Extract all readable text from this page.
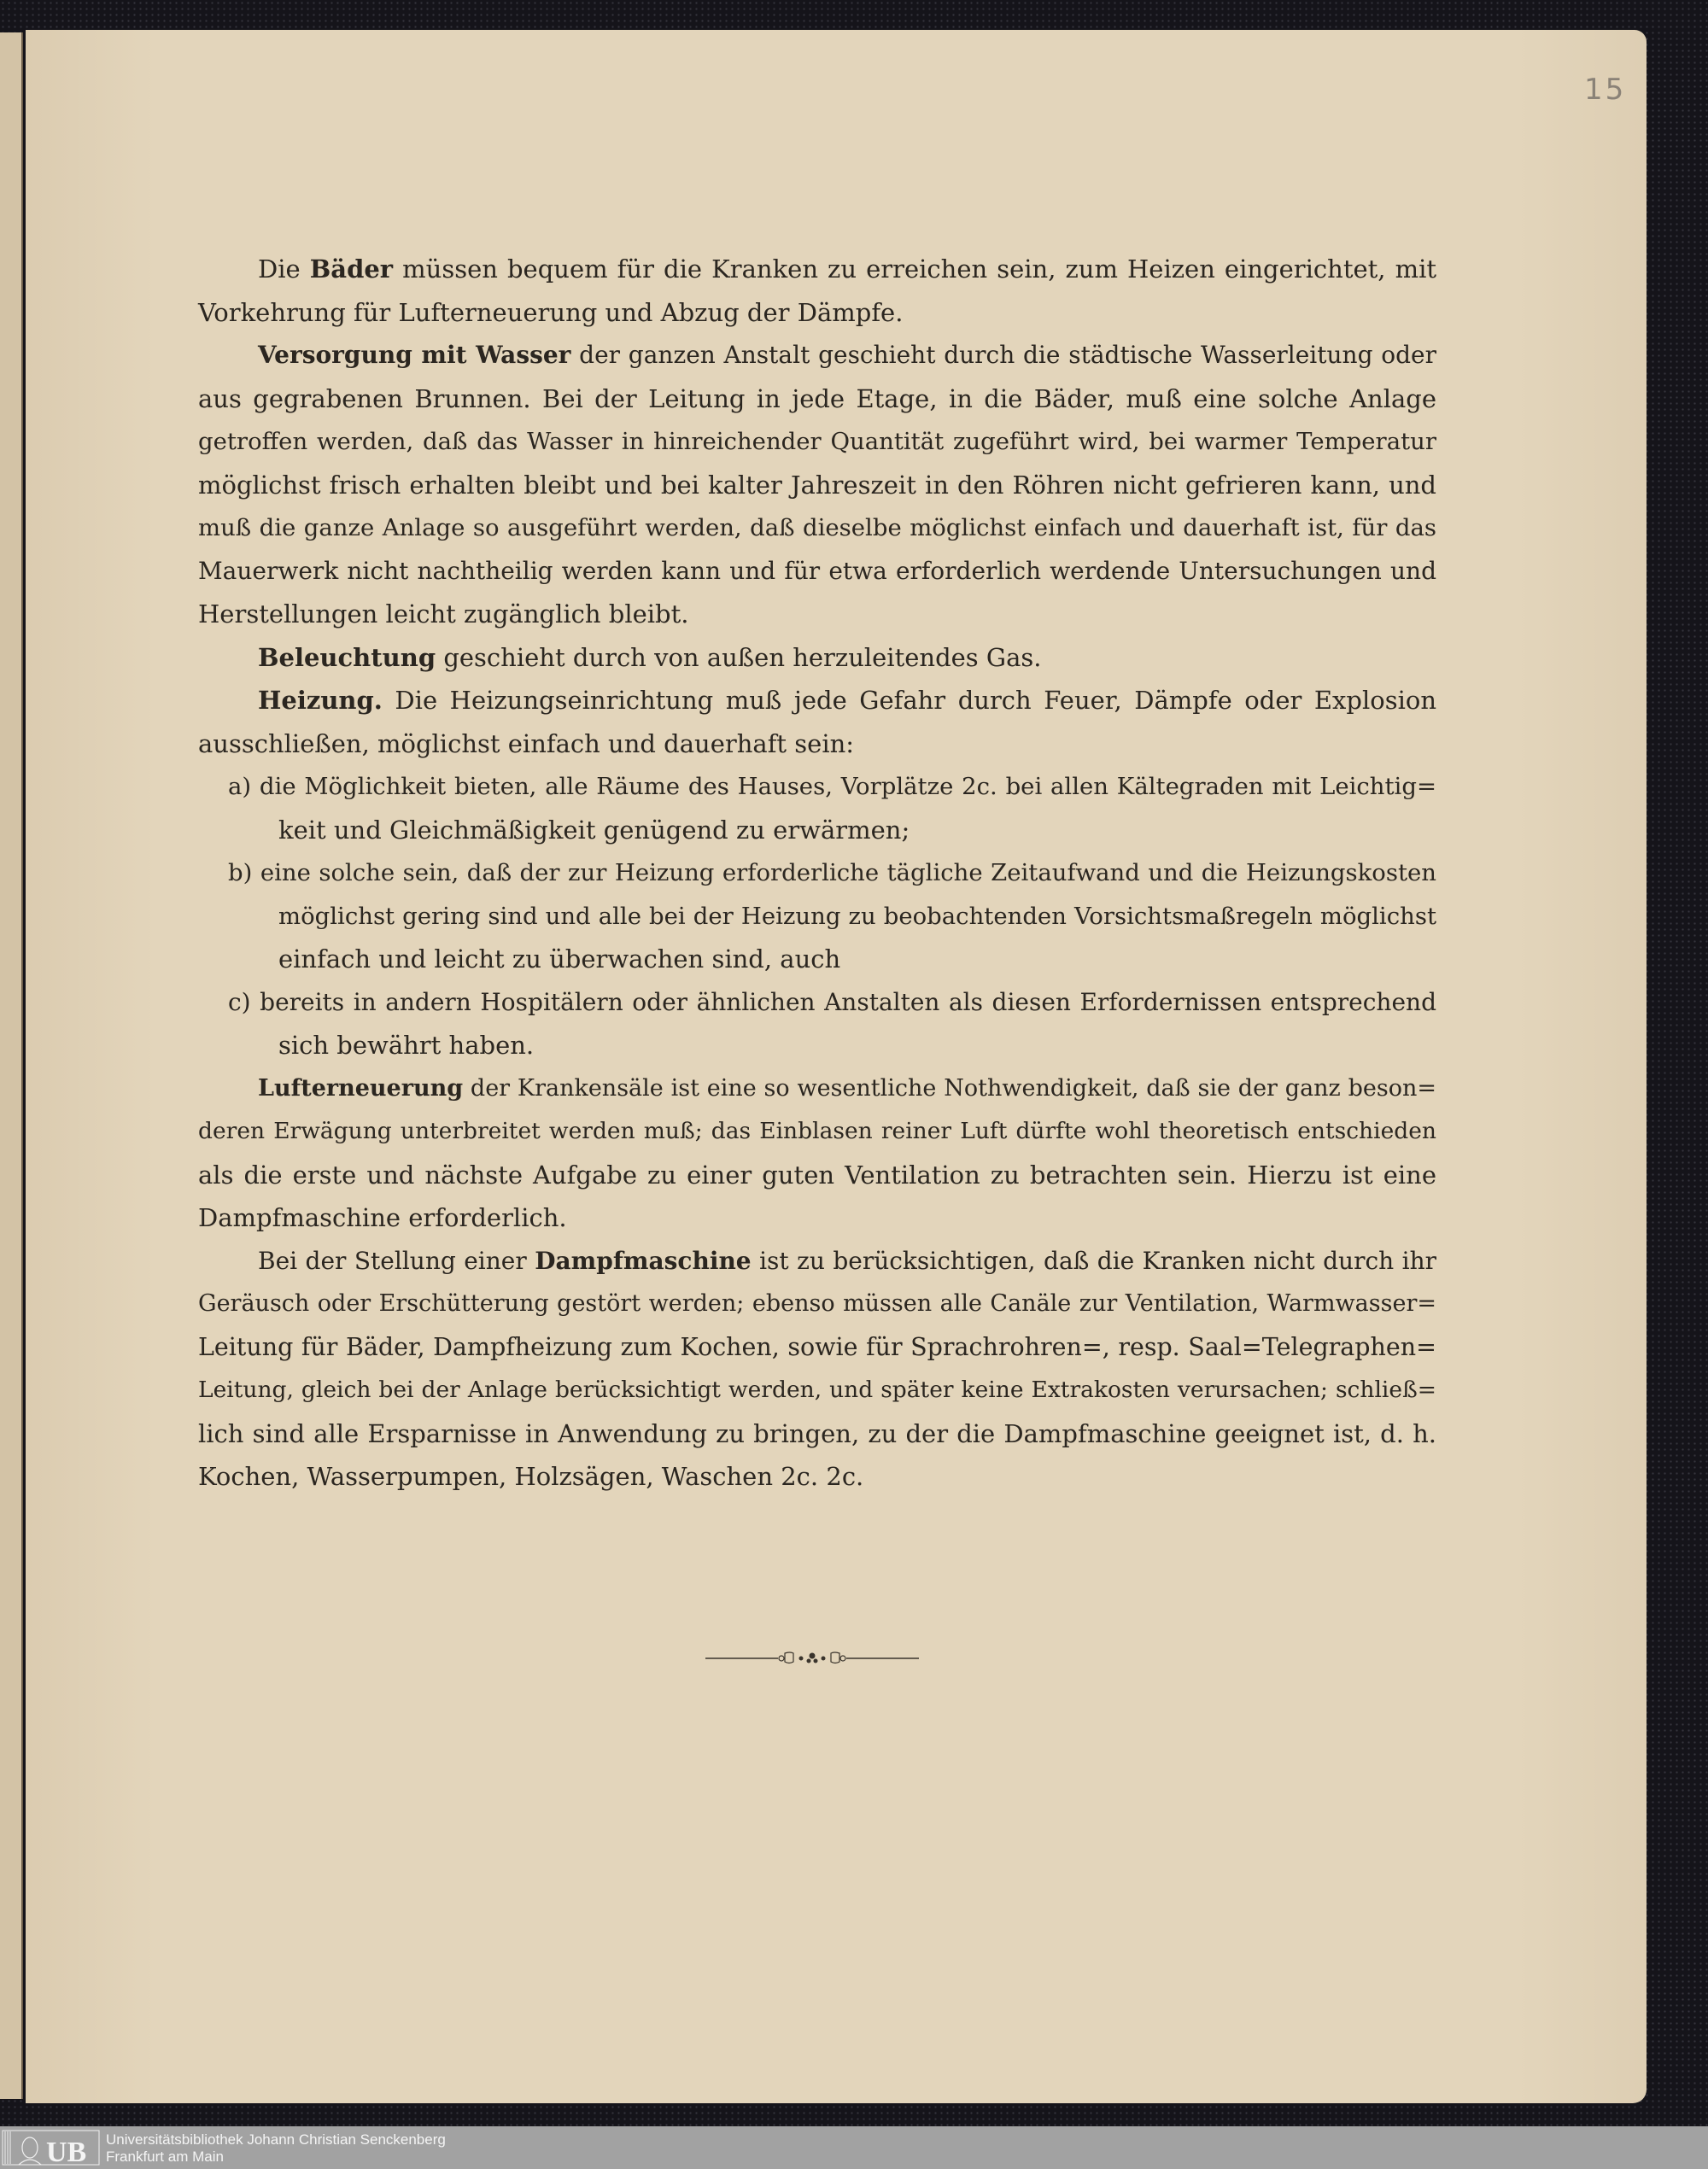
15
Die Bäder müssen bequem für die Kranken zu erreichen sein, zum Heizen eingerichtet, mit
Vorkehrung für Lufterneuerung und Abzug der Dämpfe.
Versorgung mit Wasser der ganzen Anstalt geschieht durch die städtische Wasserleitung oder
aus gegrabenen Brunnen. Bei der Leitung in jede Etage, in die Bäder, muß eine solche Anlage
getroffen werden, daß das Wasser in hinreichender Quantität zugeführt wird, bei warmer Temperatur
möglichst frisch erhalten bleibt und bei kalter Jahreszeit in den Röhren nicht gefrieren kann, und
muß die ganze Anlage so ausgeführt werden, daß dieselbe möglichst einfach und dauerhaft ist, für das
Mauerwerk nicht nachtheilig werden kann und für etwa erforderlich werdende Untersuchungen und
Herstellungen leicht zugänglich bleibt.
Beleuchtung geschieht durch von außen herzuleitendes Gas.
Heizung. Die Heizungseinrichtung muß jede Gefahr durch Feuer, Dämpfe oder Explosion
ausschließen, möglichst einfach und dauerhaft sein:
a) die Möglichkeit bieten, alle Räume des Hauses, Vorplätze 2c. bei allen Kältegraden mit Leichtig=
keit und Gleichmäßigkeit genügend zu erwärmen;
b) eine solche sein, daß der zur Heizung erforderliche tägliche Zeitaufwand und die Heizungskosten
möglichst gering sind und alle bei der Heizung zu beobachtenden Vorsichtsmaßregeln möglichst
einfach und leicht zu überwachen sind, auch
c) bereits in andern Hospitälern oder ähnlichen Anstalten als diesen Erfordernissen entsprechend
sich bewährt haben.
Lufterneuerung der Krankensäle ist eine so wesentliche Nothwendigkeit, daß sie der ganz beson=
deren Erwägung unterbreitet werden muß; das Einblasen reiner Luft dürfte wohl theoretisch entschieden
als die erste und nächste Aufgabe zu einer guten Ventilation zu betrachten sein. Hierzu ist eine
Dampfmaschine erforderlich.
Bei der Stellung einer Dampfmaschine ist zu berücksichtigen, daß die Kranken nicht durch ihr
Geräusch oder Erschütterung gestört werden; ebenso müssen alle Canäle zur Ventilation, Warmwasser=
Leitung für Bäder, Dampfheizung zum Kochen, sowie für Sprachrohren=, resp. Saal=Telegraphen=
Leitung, gleich bei der Anlage berücksichtigt werden, und später keine Extrakosten verursachen; schließ=
lich sind alle Ersparnisse in Anwendung zu bringen, zu der die Dampfmaschine geeignet ist, d. h.
Kochen, Wasserpumpen, Holzsägen, Waschen 2c. 2c.
UB Universitätsbibliothek Johann Christian Senckenberg
Frankfurt am Main
